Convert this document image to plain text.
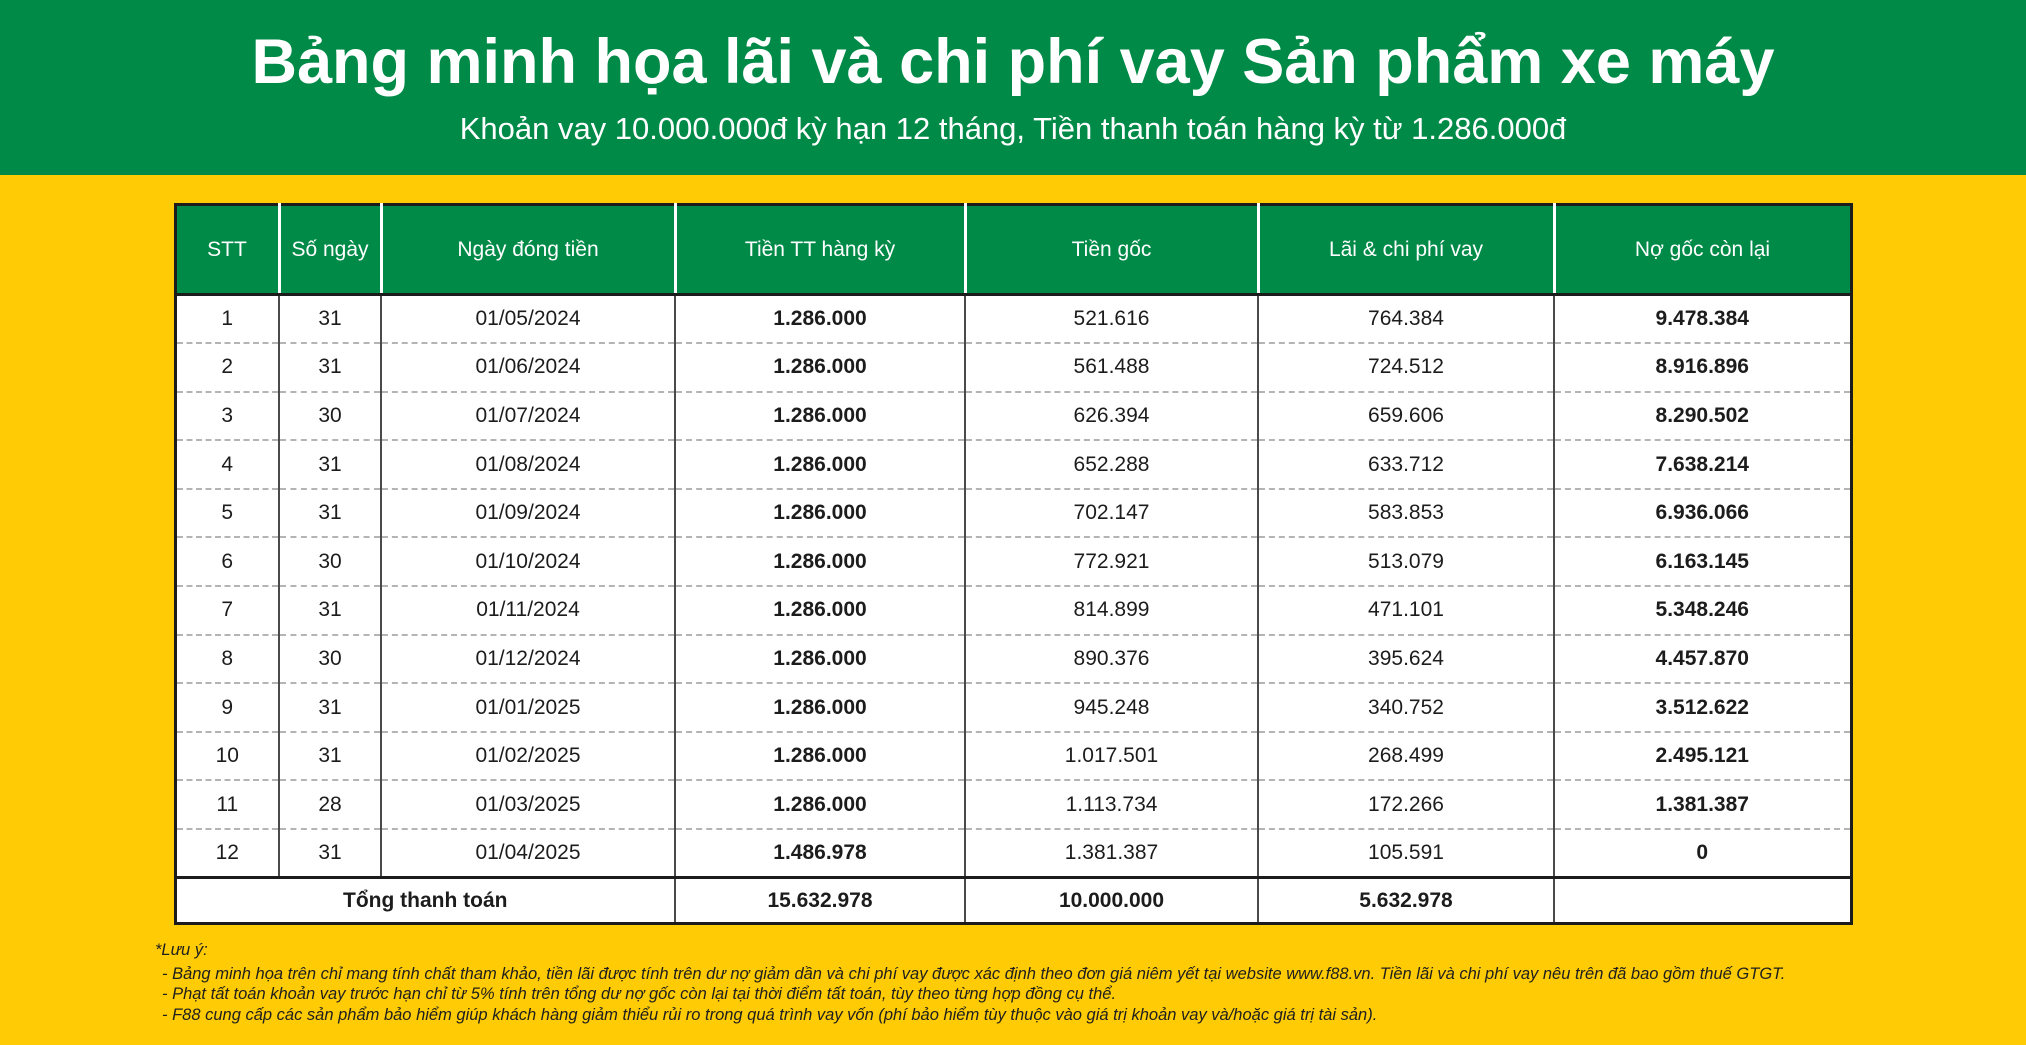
Bảng minh họa lãi và chi phí vay Sản phẩm xe máy
Khoản vay 10.000.000đ kỳ hạn 12 tháng, Tiền thanh toán hàng kỳ từ 1.286.000đ
STT	Số ngày	Ngày đóng tiền	Tiền TT hàng kỳ	Tiền gốc	Lãi & chi phí vay	Nợ gốc còn lại
1	31	01/05/2024	1.286.000	521.616	764.384	9.478.384
2	31	01/06/2024	1.286.000	561.488	724.512	8.916.896
3	30	01/07/2024	1.286.000	626.394	659.606	8.290.502
4	31	01/08/2024	1.286.000	652.288	633.712	7.638.214
5	31	01/09/2024	1.286.000	702.147	583.853	6.936.066
6	30	01/10/2024	1.286.000	772.921	513.079	6.163.145
7	31	01/11/2024	1.286.000	814.899	471.101	5.348.246
8	30	01/12/2024	1.286.000	890.376	395.624	4.457.870
9	31	01/01/2025	1.286.000	945.248	340.752	3.512.622
10	31	01/02/2025	1.286.000	1.017.501	268.499	2.495.121
11	28	01/03/2025	1.286.000	1.113.734	172.266	1.381.387
12	31	01/04/2025	1.486.978	1.381.387	105.591	0
Tổng thanh toán			15.632.978	10.000.000	5.632.978	

*Lưu ý:

- Bảng minh họa trên chỉ mang tính chất tham khảo, tiền lãi được tính trên dư nợ giảm dần và chi phí vay được xác định theo đơn giá niêm yết tại website www.f88.vn. Tiền lãi và chi phí vay nêu trên đã bao gồm thuế GTGT.

- Phạt tất toán khoản vay trước hạn chỉ từ 5% tính trên tổng dư nợ gốc còn lại tại thời điểm tất toán, tùy theo từng hợp đồng cụ thể.

- F88 cung cấp các sản phẩm bảo hiểm giúp khách hàng giảm thiểu rủi ro trong quá trình vay vốn (phí bảo hiểm tùy thuộc vào giá trị khoản vay và/hoặc giá trị tài sản).
